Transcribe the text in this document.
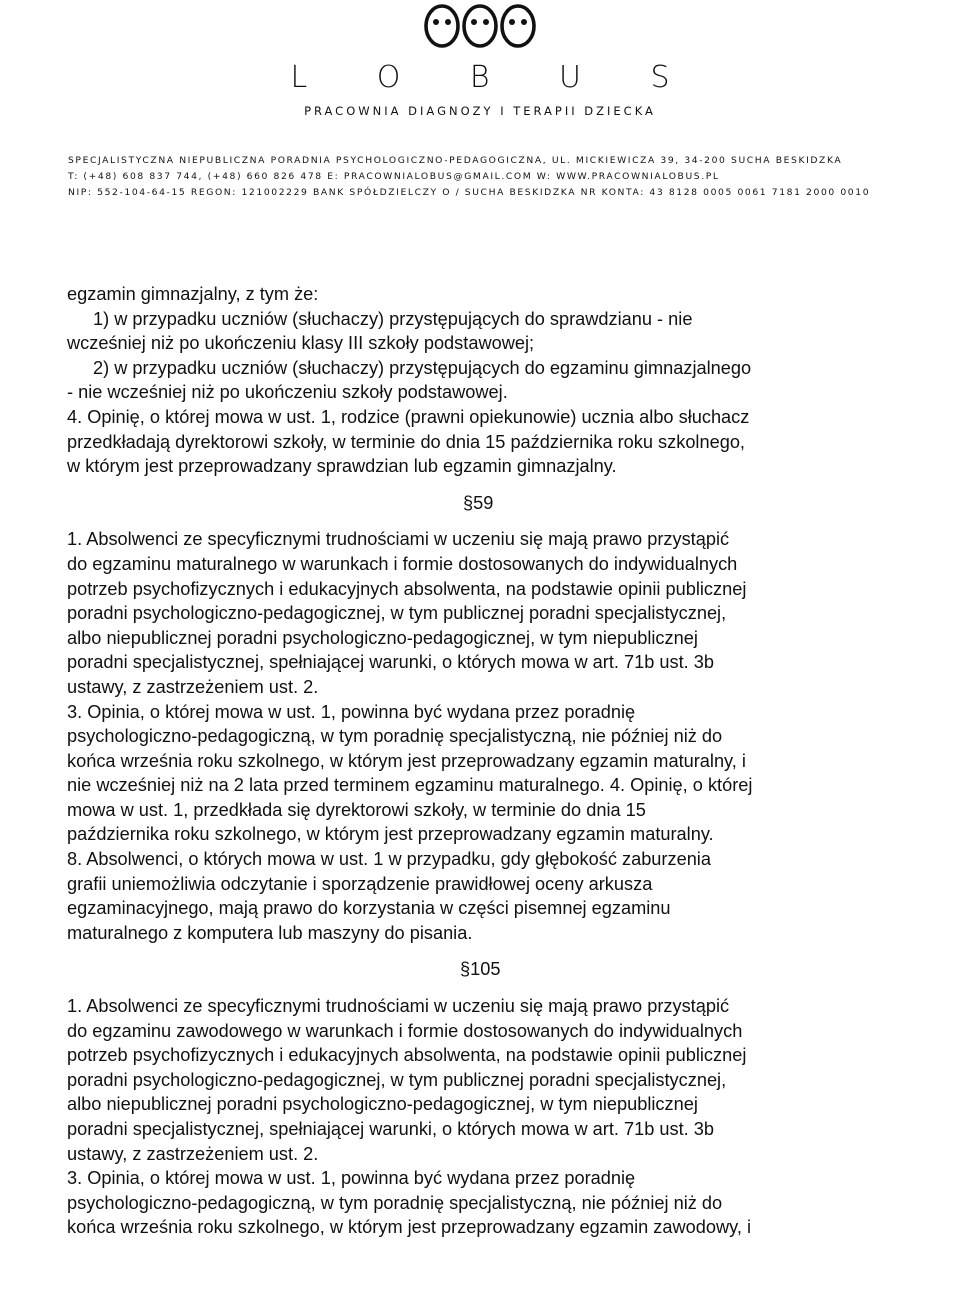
L O B U S
PRACOWNIA DIAGNOZY I TERAPII DZIECKA
SPECJALISTYCZNA NIEPUBLICZNA PORADNIA PSYCHOLOGICZNO-PEDAGOGICZNA, UL. MICKIEWICZA 39, 34-200 SUCHA BESKIDZKA
T: (+48) 608 837 744, (+48) 660 826 478 E: PRACOWNIALOBUS@GMAIL.COM W: WWW.PRACOWNIALOBUS.PL
NIP: 552-104-64-15 REGON: 121002229 BANK SPÓŁDZIELCZY O / SUCHA BESKIDZKA NR KONTA: 43 8128 0005 0061 7181 2000 0010

egzamin gimnazjalny, z tym że:

1) w przypadku uczniów (słuchaczy) przystępujących do sprawdzianu - nie

wcześniej niż po ukończeniu klasy III szkoły podstawowej;

2) w przypadku uczniów (słuchaczy) przystępujących do egzaminu gimnazjalnego

- nie wcześniej niż po ukończeniu szkoły podstawowej.

4. Opinię, o której mowa w ust. 1, rodzice (prawni opiekunowie) ucznia albo słuchacz

przedkładają dyrektorowi szkoły, w terminie do dnia 15 października roku szkolnego,

w którym jest przeprowadzany sprawdzian lub egzamin gimnazjalny.

§59

1. Absolwenci ze specyficznymi trudnościami w uczeniu się mają prawo przystąpić

do egzaminu maturalnego w warunkach i formie dostosowanych do indywidualnych

potrzeb psychofizycznych i edukacyjnych absolwenta, na podstawie opinii publicznej

poradni psychologiczno-pedagogicznej, w tym publicznej poradni specjalistycznej,

albo niepublicznej poradni psychologiczno-pedagogicznej, w tym niepublicznej

poradni specjalistycznej, spełniającej warunki, o których mowa w art. 71b ust. 3b

ustawy, z zastrzeżeniem ust. 2.

3. Opinia, o której mowa w ust. 1, powinna być wydana przez poradnię

psychologiczno-pedagogiczną, w tym poradnię specjalistyczną, nie później niż do

końca września roku szkolnego, w którym jest przeprowadzany egzamin maturalny, i

nie wcześniej niż na 2 lata przed terminem egzaminu maturalnego. 4. Opinię, o której

mowa w ust. 1, przedkłada się dyrektorowi szkoły, w terminie do dnia 15

października roku szkolnego, w którym jest przeprowadzany egzamin maturalny.

8. Absolwenci, o których mowa w ust. 1 w przypadku, gdy głębokość zaburzenia

grafii uniemożliwia odczytanie i sporządzenie prawidłowej oceny arkusza

egzaminacyjnego, mają prawo do korzystania w części pisemnej egzaminu

maturalnego z komputera lub maszyny do pisania.

§105

1. Absolwenci ze specyficznymi trudnościami w uczeniu się mają prawo przystąpić

do egzaminu zawodowego w warunkach i formie dostosowanych do indywidualnych

potrzeb psychofizycznych i edukacyjnych absolwenta, na podstawie opinii publicznej

poradni psychologiczno-pedagogicznej, w tym publicznej poradni specjalistycznej,

albo niepublicznej poradni psychologiczno-pedagogicznej, w tym niepublicznej

poradni specjalistycznej, spełniającej warunki, o których mowa w art. 71b ust. 3b

ustawy, z zastrzeżeniem ust. 2.

3. Opinia, o której mowa w ust. 1, powinna być wydana przez poradnię

psychologiczno-pedagogiczną, w tym poradnię specjalistyczną, nie później niż do

końca września roku szkolnego, w którym jest przeprowadzany egzamin zawodowy, i
